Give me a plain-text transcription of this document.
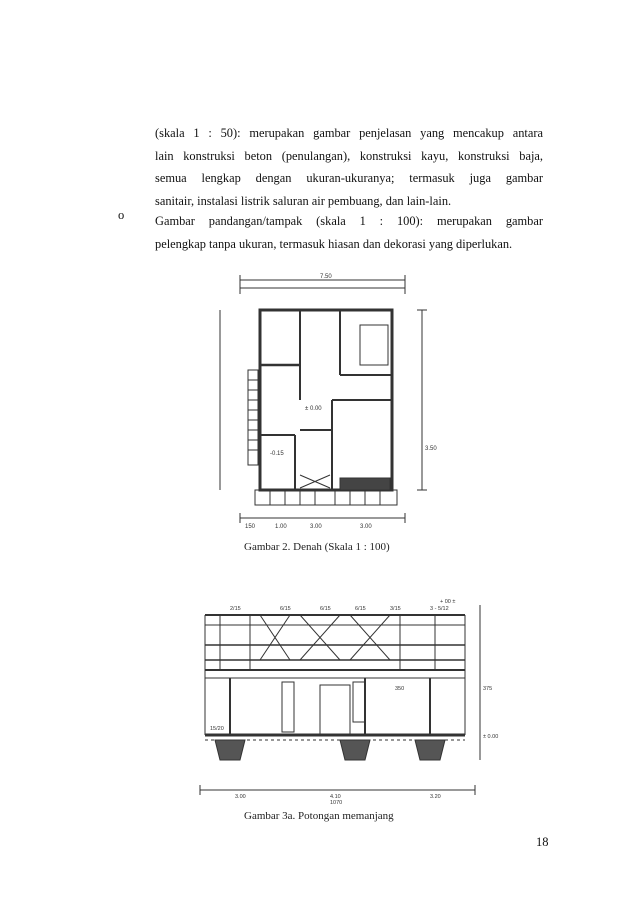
(skala 1 : 50): merupakan gambar penjelasan yang mencakup antara
lain konstruksi beton (penulangan), konstruksi kayu, konstruksi baja,
semua lengkap dengan ukuran-ukuranya; termasuk juga gambar
sanitair, instalasi listrik saluran air pembuang, dan lain-lain.
o Gambar pandangan/tampak (skala 1 : 100): merupakan gambar
pelengkap tanpa ukuran, termasuk hiasan dan dekorasi yang diperlukan.
± 0.00
-0.15
7.50
3.50
150	1.00	3.00	3.00
Gambar 2. Denah (Skala 1 : 100)
2/15	6/15	6/15	6/15	3/15	3 - 5/12
+ 00 ±
375
± 0.00
15/20
350
3.00	4.10	3.20
1070
Gambar 3a. Potongan memanjang
18
